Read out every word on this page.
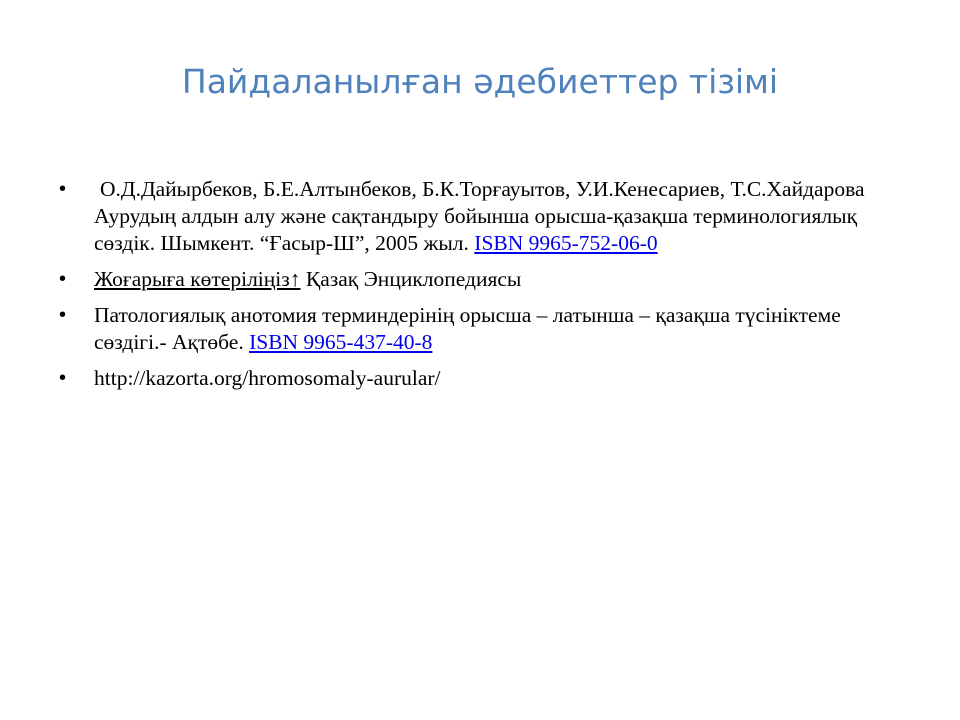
Пайдаланылған әдебиеттер тізімі
• О.Д.Дайырбеков, Б.Е.Алтынбеков, Б.К.Торғауытов, У.И.Кенесариев, Т.С.Хайдарова Аурудың алдын алу және сақтандыру бойынша орысша-қазақша терминологиялық сөздік. Шымкент. “Ғасыр-Ш”, 2005 жыл. ISBN 9965-752-06-0
• Жоғарыға көтеріліңіз↑ Қазақ Энциклопедиясы
• Патологиялық анотомия терминдерінің орысша – латынша – қазақша түсініктеме сөздігі.- Ақтөбе. ISBN 9965-437-40-8
• http://kazorta.org/hromosomaly-aurular/
